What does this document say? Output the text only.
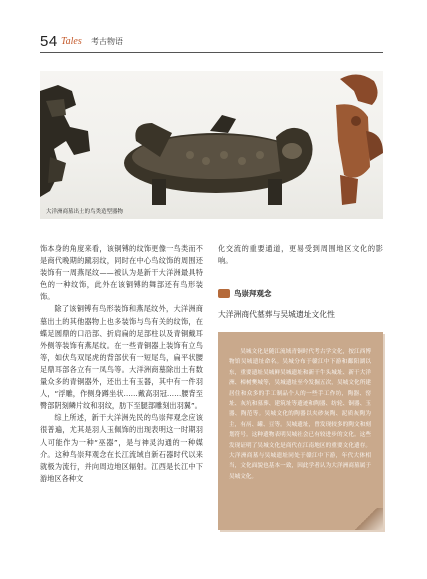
54 Tales 考古物语
大洋洲商墓出土的鸟类造型器物

饰本身的角度来看，该铜镈的纹饰更像一鸟类而不是商代晚期的蹴羽纹，同时在中心鸟纹饰的周围还装饰有一周燕尾纹——被认为是新干大洋洲最具特色的一种纹饰，此外在该铜镈的舞部还有鸟形装饰。

除了该铜镈有鸟形装饰和燕尾纹外，大洋洲商墓出土的其他器物上也多装饰与鸟有关的纹饰，在蝶足圆鼎的口沿部、折肩扁的足部柱以及青铜戴耳外侧等装饰有燕尾纹。在一些青铜器上装饰有立鸟等，如伏鸟双尾虎的背部伏有一短尾鸟，扁平状腰足鼎耳部各立有一凤鸟等。大洋洲商墓除出土有数量众多的青铜器外，还出土有玉器，其中有一件羽人，“浮雕，作侧身蹲坐状……戴高羽冠……腰背至臀部阴刻鳞片纹和羽纹，肪下至腿部雕刻出羽翼”。

综上所述，新干大洋洲先民的鸟崇拜观念应该很普遍，尤其是羽人玉佩饰的出现表明这一时期羽人可能作为一种“巫器”，是与神灵沟通的一种媒介。这种鸟崇拜观念在长江流域自新石器时代以来就极为流行，并向周边地区辐射。江西是长江中下游地区各种文

化交流的重要通道，更易受到周围地区文化的影响。

鸟崇拜观念
大洋洲商代墓葬与吴城遗址文化性
吴城文化是随江流域青铜时代考古学文化，按江西博物馆吴城遗址命名。吴城分布于赣江中下游和鄱阳湖以东，重要遗址吴城鲜吴城遗址和新干牛头城址、新干大洋洲、樟树樊城等，吴城遗址至今发掘五次，吴城文化所建居住和众多的手工制品个人的一些手工作坊，陶器、窑址、灰坑和墓葬、建筑址等遗迹和陶器、纺轮、铜器、玉器、陶范等。吴城文化的陶器以夹砂灰陶、泥质灰陶为主，有鬲、罐、豆等。吴城遗址，曾发现较多的陶文和刻划符号。这种遗物表明吴城社会已有较进步的文化。这些发现证明了吴城文化是商代在江南地区的重要文化遗存。大洋洲商墓与吴城遗址同处于赣江中下游，年代大体相当，文化面貌也基本一致，因此学者认为大洋洲商墓属于吴城文化。
